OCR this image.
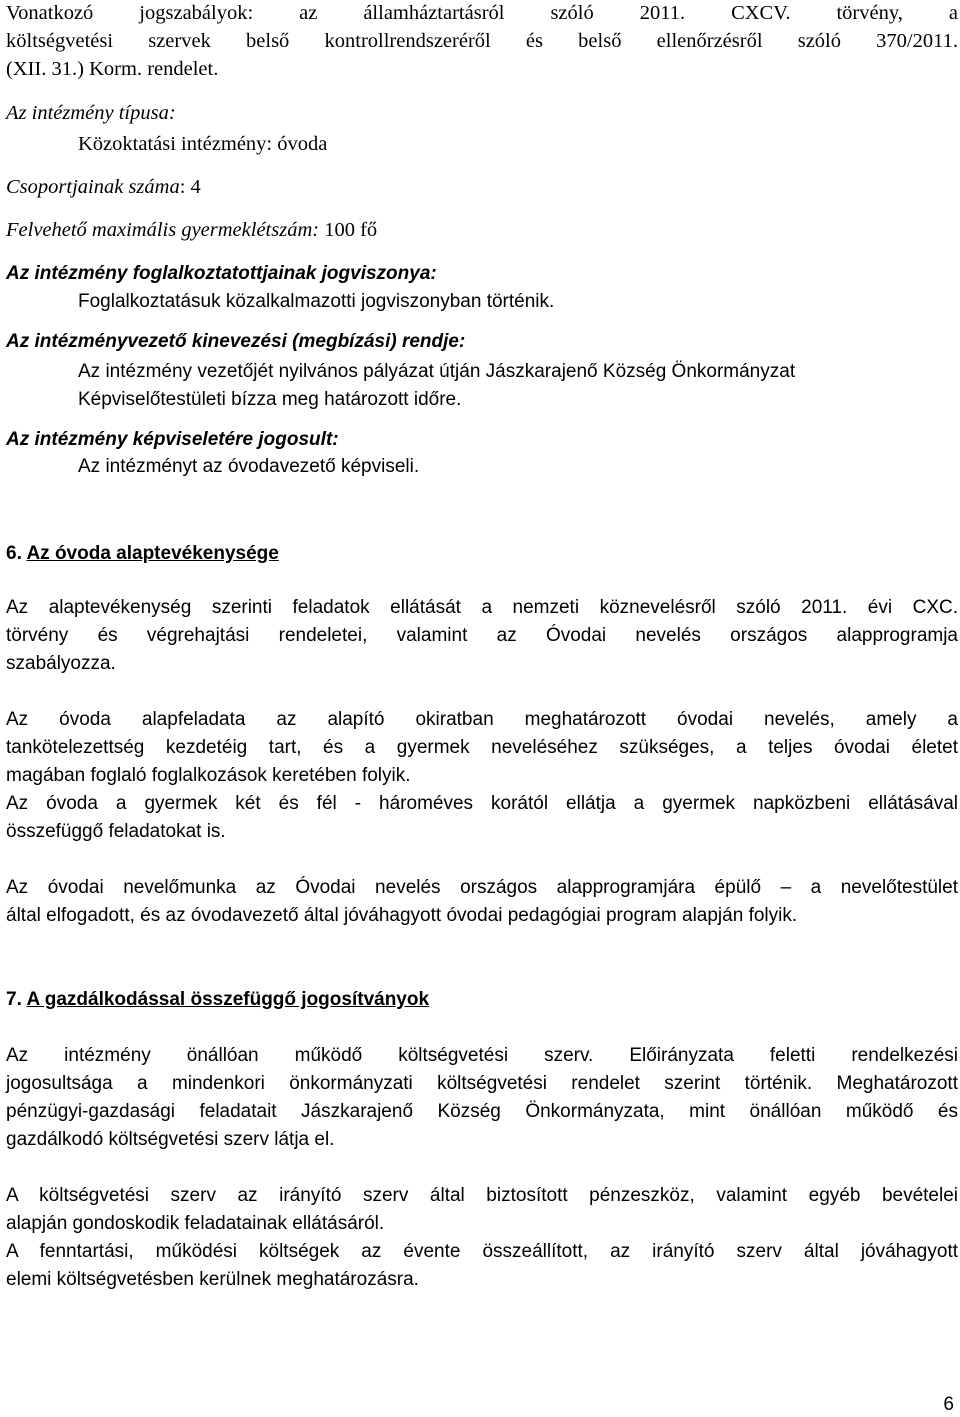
Vonatkozó jogszabályok: az államháztartásról szóló 2011. CXCV. törvény, a

költségvetési szervek belső kontrollrendszeréről és belső ellenőrzésről szóló 370/2011.

(XII. 31.) Korm. rendelet.

Az intézmény típusa:

Közoktatási intézmény: óvoda

Csoportjainak száma: 4

Felvehető maximális gyermeklétszám: 100 fő

Az intézmény foglalkoztatottjainak jogviszonya:

Foglalkoztatásuk közalkalmazotti jogviszonyban történik.

Az intézményvezető kinevezési (megbízási) rendje:

Az intézmény vezetőjét nyilvános pályázat útján Jászkarajenő Község Önkormányzat

Képviselőtestületi bízza meg határozott időre.

Az intézmény képviseletére jogosult:

Az intézményt az óvodavezető képviseli.

6. Az óvoda alaptevékenysége

Az alaptevékenység szerinti feladatok ellátását a nemzeti köznevelésről szóló 2011. évi CXC.

törvény és végrehajtási rendeletei, valamint az Óvodai nevelés országos alapprogramja

szabályozza.

Az óvoda alapfeladata az alapító okiratban meghatározott óvodai nevelés, amely a

tankötelezettség kezdetéig tart, és a gyermek neveléséhez szükséges, a teljes óvodai életet

magában foglaló foglalkozások keretében folyik.

Az óvoda a gyermek két és fél - hároméves korától ellátja a gyermek napközbeni ellátásával

összefüggő feladatokat is.

Az óvodai nevelőmunka az Óvodai nevelés országos alapprogramjára épülő – a nevelőtestület

által elfogadott, és az óvodavezető által jóváhagyott óvodai pedagógiai program alapján folyik.

7. A gazdálkodással összefüggő jogosítványok

Az intézmény önállóan működő költségvetési szerv. Előirányzata feletti rendelkezési

jogosultsága a mindenkori önkormányzati költségvetési rendelet szerint történik. Meghatározott

pénzügyi-gazdasági feladatait Jászkarajenő Község Önkormányzata, mint önállóan működő és

gazdálkodó költségvetési szerv látja el.

A költségvetési szerv az irányító szerv által biztosított pénzeszköz, valamint egyéb bevételei

alapján gondoskodik feladatainak ellátásáról.

A fenntartási, működési költségek az évente összeállított, az irányító szerv által jóváhagyott

elemi költségvetésben kerülnek meghatározásra.

6
